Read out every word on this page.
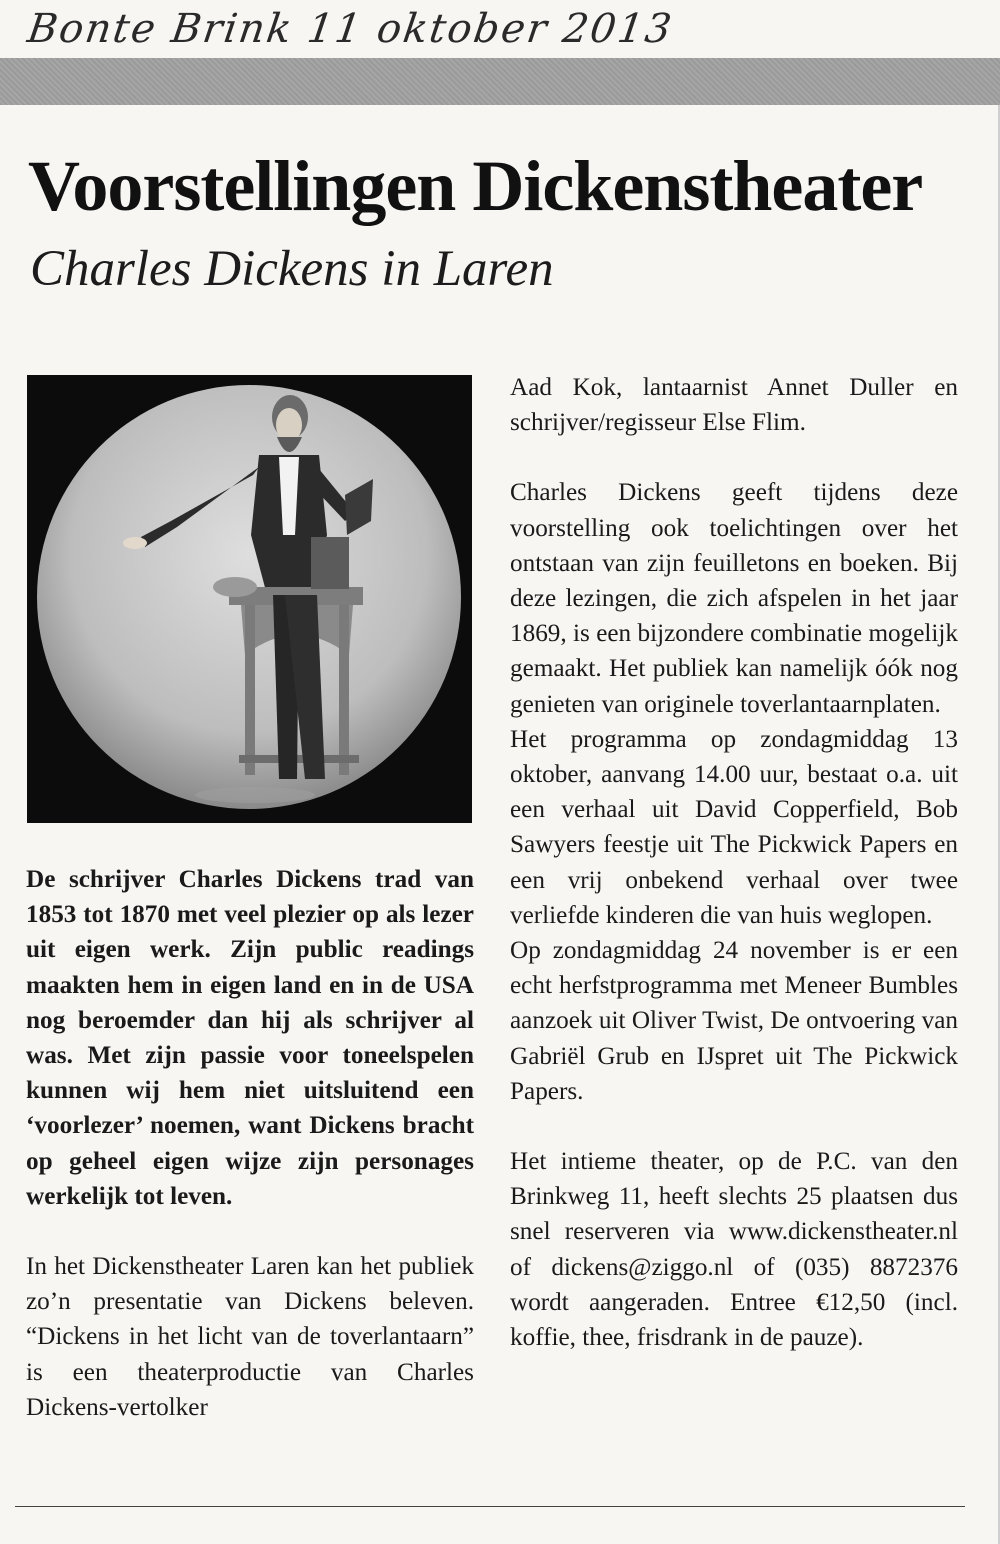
Bonte Brink 11 oktober 2013
Voorstellingen Dickenstheater
Charles Dickens in Laren

De schrijver Charles Dickens trad van 1853 tot 1870 met veel plezier op als lezer uit eigen werk. Zijn public readings maakten hem in eigen land en in de USA nog beroemder dan hij als schrijver al was. Met zijn passie voor toneelspelen kunnen wij hem niet uitsluitend een ‘voorlezer’ noemen, want Dickens bracht op geheel eigen wijze zijn personages werkelijk tot leven.

In het Dickenstheater Laren kan het publiek zo’n presentatie van Dickens beleven. “Dickens in het licht van de toverlantaarn” is een theaterproductie van Charles Dickens-vertolker

Aad Kok, lantaarnist Annet Duller en schrijver/regisseur Else Flim.

Charles Dickens geeft tijdens deze voorstelling ook toelichtingen over het ontstaan van zijn feuilletons en boeken. Bij deze lezingen, die zich afspelen in het jaar 1869, is een bijzondere combinatie mogelijk gemaakt. Het publiek kan namelijk óók nog genieten van originele toverlantaarnplaten.

Het programma op zondagmiddag 13 oktober, aanvang 14.00 uur, bestaat o.a. uit een verhaal uit David Copperfield, Bob Sawyers feestje uit The Pickwick Papers en een vrij onbekend verhaal over twee verliefde kinderen die van huis weglopen.

Op zondagmiddag 24 november is er een echt herfstprogramma met Meneer Bumbles aanzoek uit Oliver Twist, De ontvoering van Gabriël Grub en IJspret uit The Pickwick Papers.

Het intieme theater, op de P.C. van den Brinkweg 11, heeft slechts 25 plaatsen dus snel reserveren via www.dickenstheater.nl of dickens@ziggo.nl of (035) 8872376 wordt aangeraden. Entree €12,50 (incl. koffie, thee, frisdrank in de pauze).
